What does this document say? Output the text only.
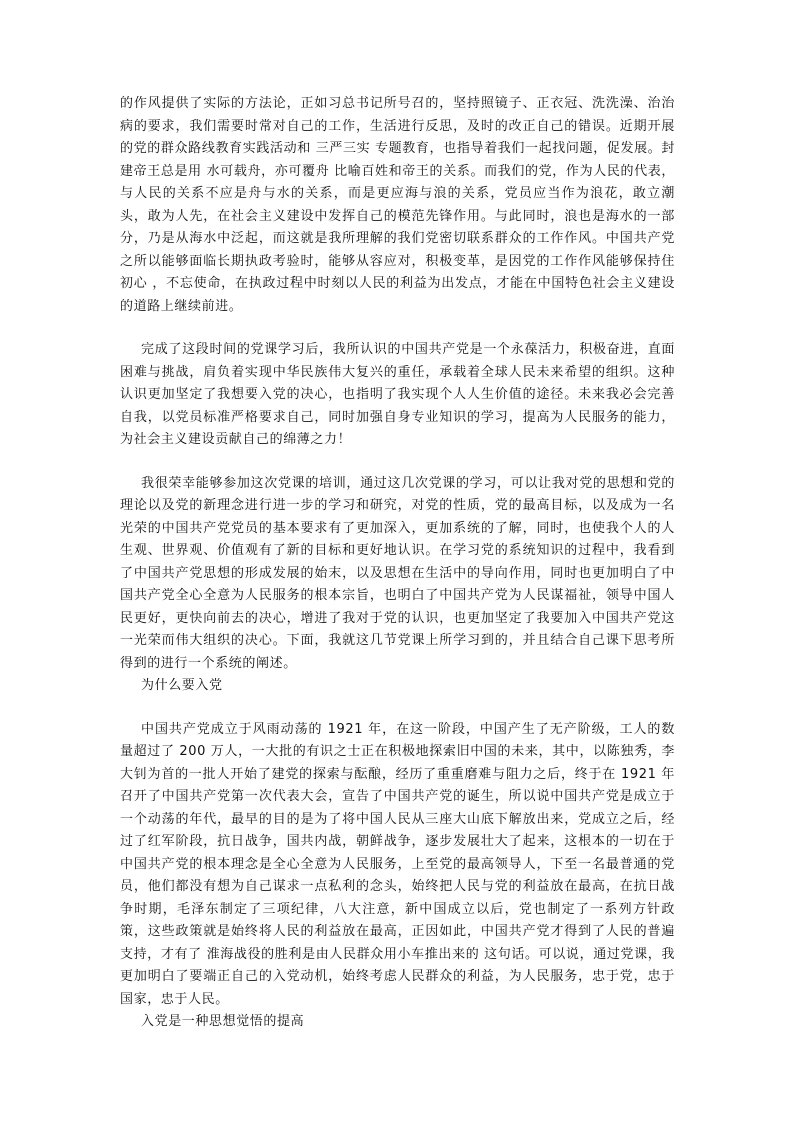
的作风提供了实际的方法论，正如习总书记所号召的，坚持照镜子、正衣冠、洗洗澡、治治病的要求，我们需要时常对自己的工作，生活进行反思，及时的改正自己的错误。近期开展的党的群众路线教育实践活动和 三严三实 专题教育，也指导着我们一起找问题，促发展。封建帝王总是用 水可载舟，亦可覆舟 比喻百姓和帝王的关系。而我们的党，作为人民的代表，与人民的关系不应是舟与水的关系，而是更应海与浪的关系，党员应当作为浪花，敢立潮头，敢为人先，在社会主义建设中发挥自己的模范先锋作用。与此同时，浪也是海水的一部分，乃是从海水中泛起，而这就是我所理解的我们党密切联系群众的工作作风。中国共产党之所以能够面临长期执政考验时，能够从容应对，积极变革，是因党的工作作风能够保持住 初心 ，不忘使命，在执政过程中时刻以人民的利益为出发点，才能在中国特色社会主义建设的道路上继续前进。

完成了这段时间的党课学习后，我所认识的中国共产党是一个永葆活力，积极奋进，直面困难与挑战，肩负着实现中华民族伟大复兴的重任，承载着全球人民未来希望的组织。这种认识更加坚定了我想要入党的决心，也指明了我实现个人人生价值的途径。未来我必会完善自我，以党员标准严格要求自己，同时加强自身专业知识的学习，提高为人民服务的能力，为社会主义建设贡献自己的绵薄之力！

我很荣幸能够参加这次党课的培训，通过这几次党课的学习，可以让我对党的思想和党的理论以及党的新理念进行进一步的学习和研究，对党的性质，党的最高目标，以及成为一名光荣的中国共产党党员的基本要求有了更加深入，更加系统的了解，同时，也使我个人的人生观、世界观、价值观有了新的目标和更好地认识。在学习党的系统知识的过程中，我看到了中国共产党思想的形成发展的始末，以及思想在生活中的导向作用，同时也更加明白了中国共产党全心全意为人民服务的根本宗旨，也明白了中国共产党为人民谋福祉，领导中国人民更好，更快向前去的决心，增进了我对于党的认识，也更加坚定了我要加入中国共产党这一光荣而伟大组织的决心。下面，我就这几节党课上所学习到的，并且结合自己课下思考所得到的进行一个系统的阐述。

为什么要入党

中国共产党成立于风雨动荡的 1921 年，在这一阶段，中国产生了无产阶级，工人的数量超过了 200 万人，一大批的有识之士正在积极地探索旧中国的未来，其中，以陈独秀，李大钊为首的一批人开始了建党的探索与酝酿，经历了重重磨难与阻力之后，终于在 1921 年召开了中国共产党第一次代表大会，宣告了中国共产党的诞生，所以说中国共产党是成立于一个动荡的年代，最早的目的是为了将中国人民从三座大山底下解放出来，党成立之后，经过了红军阶段，抗日战争，国共内战，朝鲜战争，逐步发展壮大了起来，这根本的一切在于中国共产党的根本理念是全心全意为人民服务，上至党的最高领导人，下至一名最普通的党员，他们都没有想为自己谋求一点私利的念头，始终把人民与党的利益放在最高，在抗日战争时期，毛泽东制定了三项纪律，八大注意，新中国成立以后，党也制定了一系列方针政策，这些政策就是始终将人民的利益放在最高，正因如此，中国共产党才得到了人民的普遍支持，才有了 淮海战役的胜利是由人民群众用小车推出来的 这句话。可以说，通过党课，我更加明白了要端正自己的入党动机，始终考虑人民群众的利益，为人民服务，忠于党，忠于国家，忠于人民。

入党是一种思想觉悟的提高
